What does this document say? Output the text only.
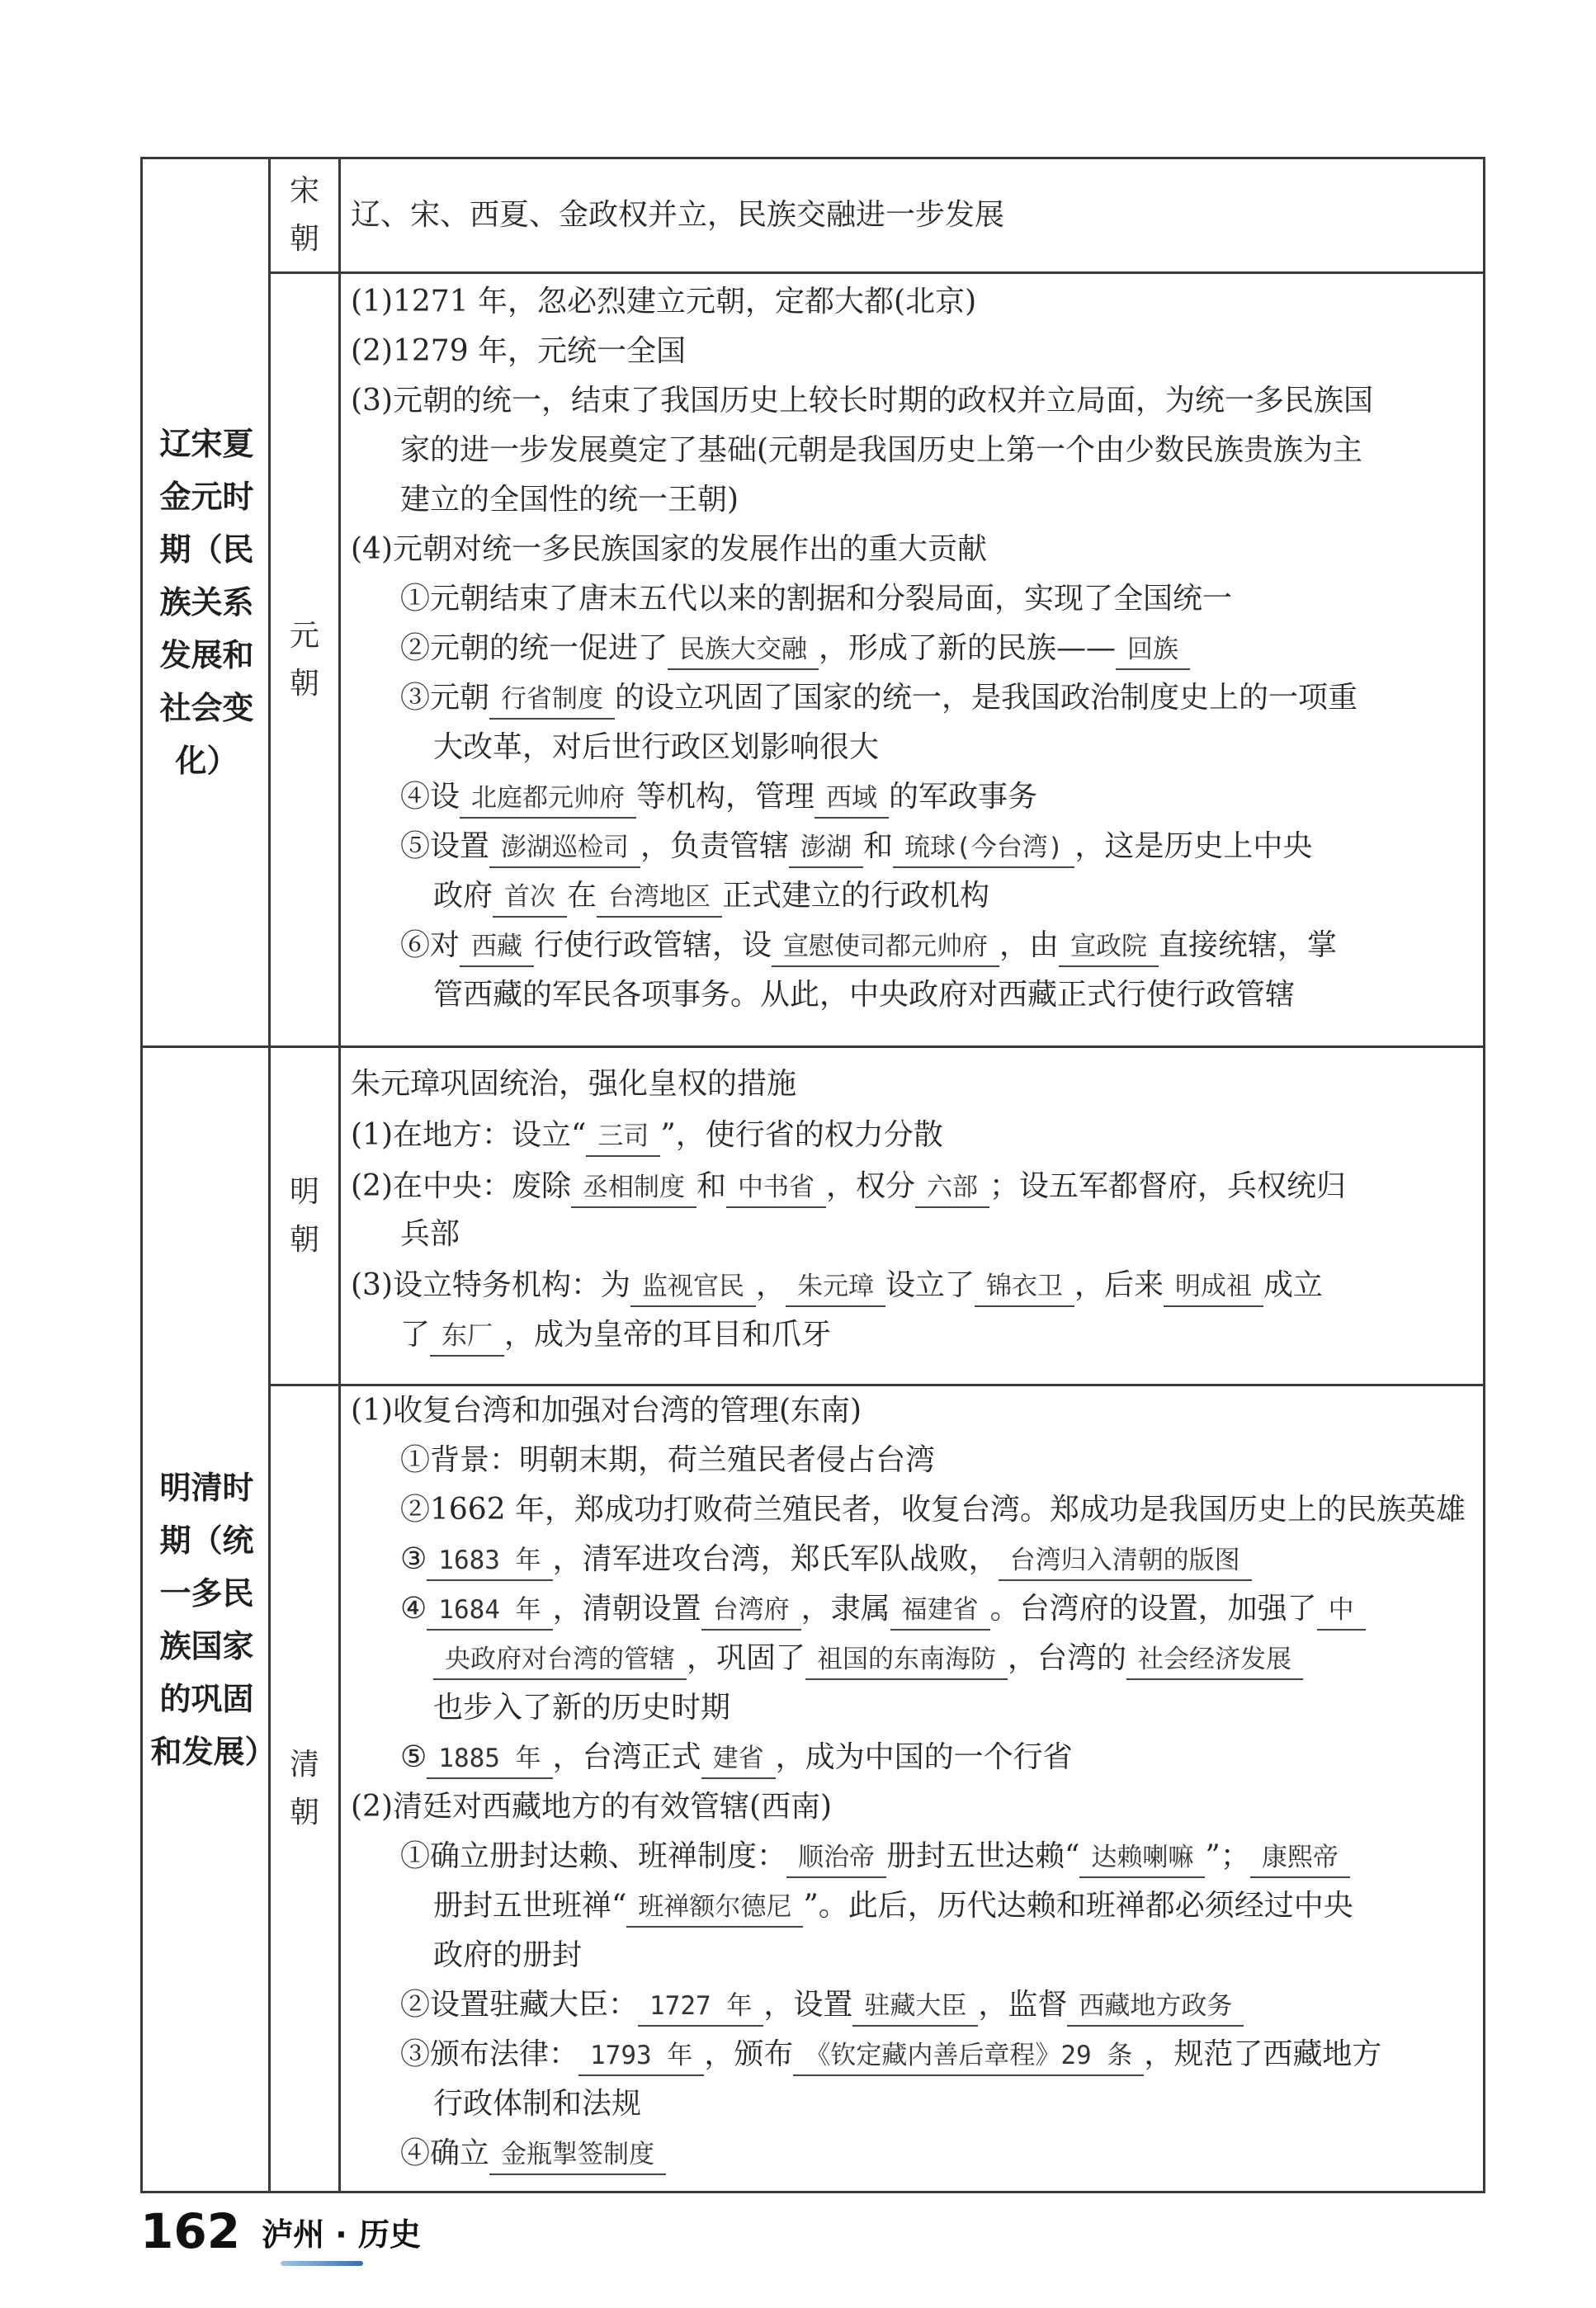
辽宋夏金元时期（民族关系发展和社会变化）
明清时期（统一多民族国家的巩固和发展）
宋朝
元朝
明朝
清朝
辽、宋、西夏、金政权并立，民族交融进一步发展
(1)1271 年，忽必烈建立元朝，定都大都(北京)
(2)1279 年，元统一全国
(3)元朝的统一，结束了我国历史上较长时期的政权并立局面，为统一多民族国
家的进一步发展奠定了基础(元朝是我国历史上第一个由少数民族贵族为主
建立的全国性的统一王朝)
(4)元朝对统一多民族国家的发展作出的重大贡献
①元朝结束了唐末五代以来的割据和分裂局面，实现了全国统一
②元朝的统一促进了 民族大交融 ，形成了新的民族—— 回族
③元朝 行省制度 的设立巩固了国家的统一，是我国政治制度史上的一项重
大改革，对后世行政区划影响很大
④设 北庭都元帅府 等机构，管理 西域 的军政事务
⑤设置 澎湖巡检司 ，负责管辖 澎湖 和 琉球(今台湾) ，这是历史上中央
政府 首次 在 台湾地区 正式建立的行政机构
⑥对 西藏 行使行政管辖，设 宣慰使司都元帅府 ，由 宣政院 直接统辖，掌
管西藏的军民各项事务。从此，中央政府对西藏正式行使行政管辖
朱元璋巩固统治，强化皇权的措施
(1)在地方：设立“ 三司 ”，使行省的权力分散
(2)在中央：废除 丞相制度 和 中书省 ，权分 六部 ；设五军都督府，兵权统归
兵部
(3)设立特务机构：为 监视官民 ， 朱元璋 设立了 锦衣卫 ，后来 明成祖 成立
了 东厂 ，成为皇帝的耳目和爪牙
(1)收复台湾和加强对台湾的管理(东南)
①背景：明朝末期，荷兰殖民者侵占台湾
②1662 年，郑成功打败荷兰殖民者，收复台湾。郑成功是我国历史上的民族英雄
③ 1683 年 ，清军进攻台湾，郑氏军队战败， 台湾归入清朝的版图
④ 1684 年 ，清朝设置 台湾府 ，隶属 福建省 。台湾府的设置，加强了 中
央政府对台湾的管辖 ，巩固了 祖国的东南海防 ，台湾的 社会经济发展
也步入了新的历史时期
⑤ 1885 年 ，台湾正式 建省 ，成为中国的一个行省
(2)清廷对西藏地方的有效管辖(西南)
①确立册封达赖、班禅制度： 顺治帝 册封五世达赖“ 达赖喇嘛 ”； 康熙帝
册封五世班禅“ 班禅额尔德尼 ”。此后，历代达赖和班禅都必须经过中央
政府的册封
②设置驻藏大臣： 1727 年 ，设置 驻藏大臣 ，监督 西藏地方政务
③颁布法律： 1793 年 ，颁布 《钦定藏内善后章程》29 条 ，规范了西藏地方
行政体制和法规
④确立 金瓶掣签制度
162 泸州 · 历史
